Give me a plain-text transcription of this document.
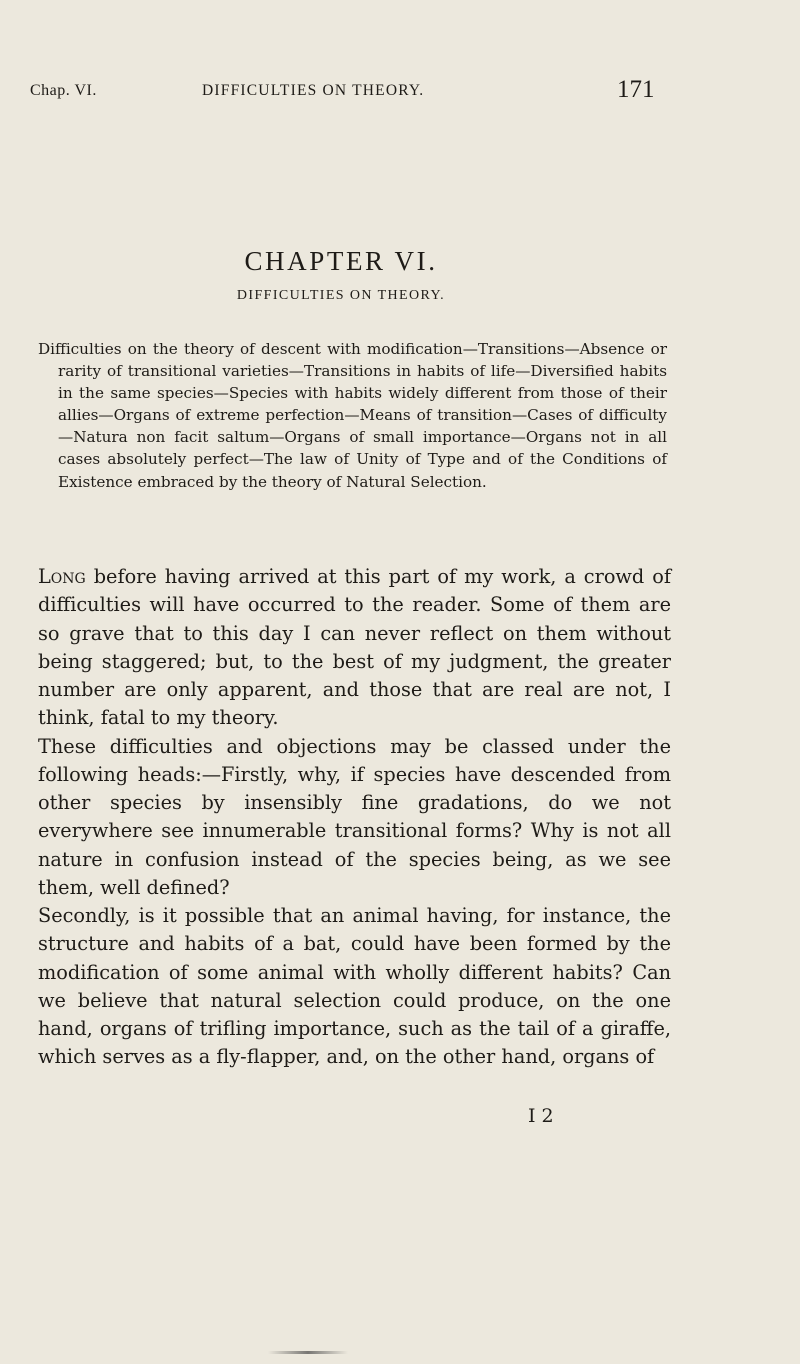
Chap. VI.	DIFFICULTIES ON THEORY.	171
CHAPTER VI.
DIFFICULTIES ON THEORY.
Difficulties on the theory of descent with modification—Transitions—Absence or rarity of transitional varieties—Transitions in habits of life—Diversified habits in the same species—Species with habits widely different from those of their allies—Organs of extreme perfection—Means of transition—Cases of difficulty—Natura non facit saltum—Organs of small importance—Organs not in all cases absolutely perfect—The law of Unity of Type and of the Conditions of Existence embraced by the theory of Natural Selection.

Long before having arrived at this part of my work, a crowd of difficulties will have occurred to the reader. Some of them are so grave that to this day I can never reflect on them without being staggered; but, to the best of my judgment, the greater number are only apparent, and those that are real are not, I think, fatal to my theory.

These difficulties and objections may be classed under the following heads:—Firstly, why, if species have descended from other species by insensibly fine gradations, do we not everywhere see innumerable transitional forms? Why is not all nature in confusion instead of the species being, as we see them, well defined?

Secondly, is it possible that an animal having, for instance, the structure and habits of a bat, could have been formed by the modification of some animal with wholly different habits? Can we believe that natural selection could produce, on the one hand, organs of trifling importance, such as the tail of a giraffe, which serves as a fly-flapper, and, on the other hand, organs of

I 2
